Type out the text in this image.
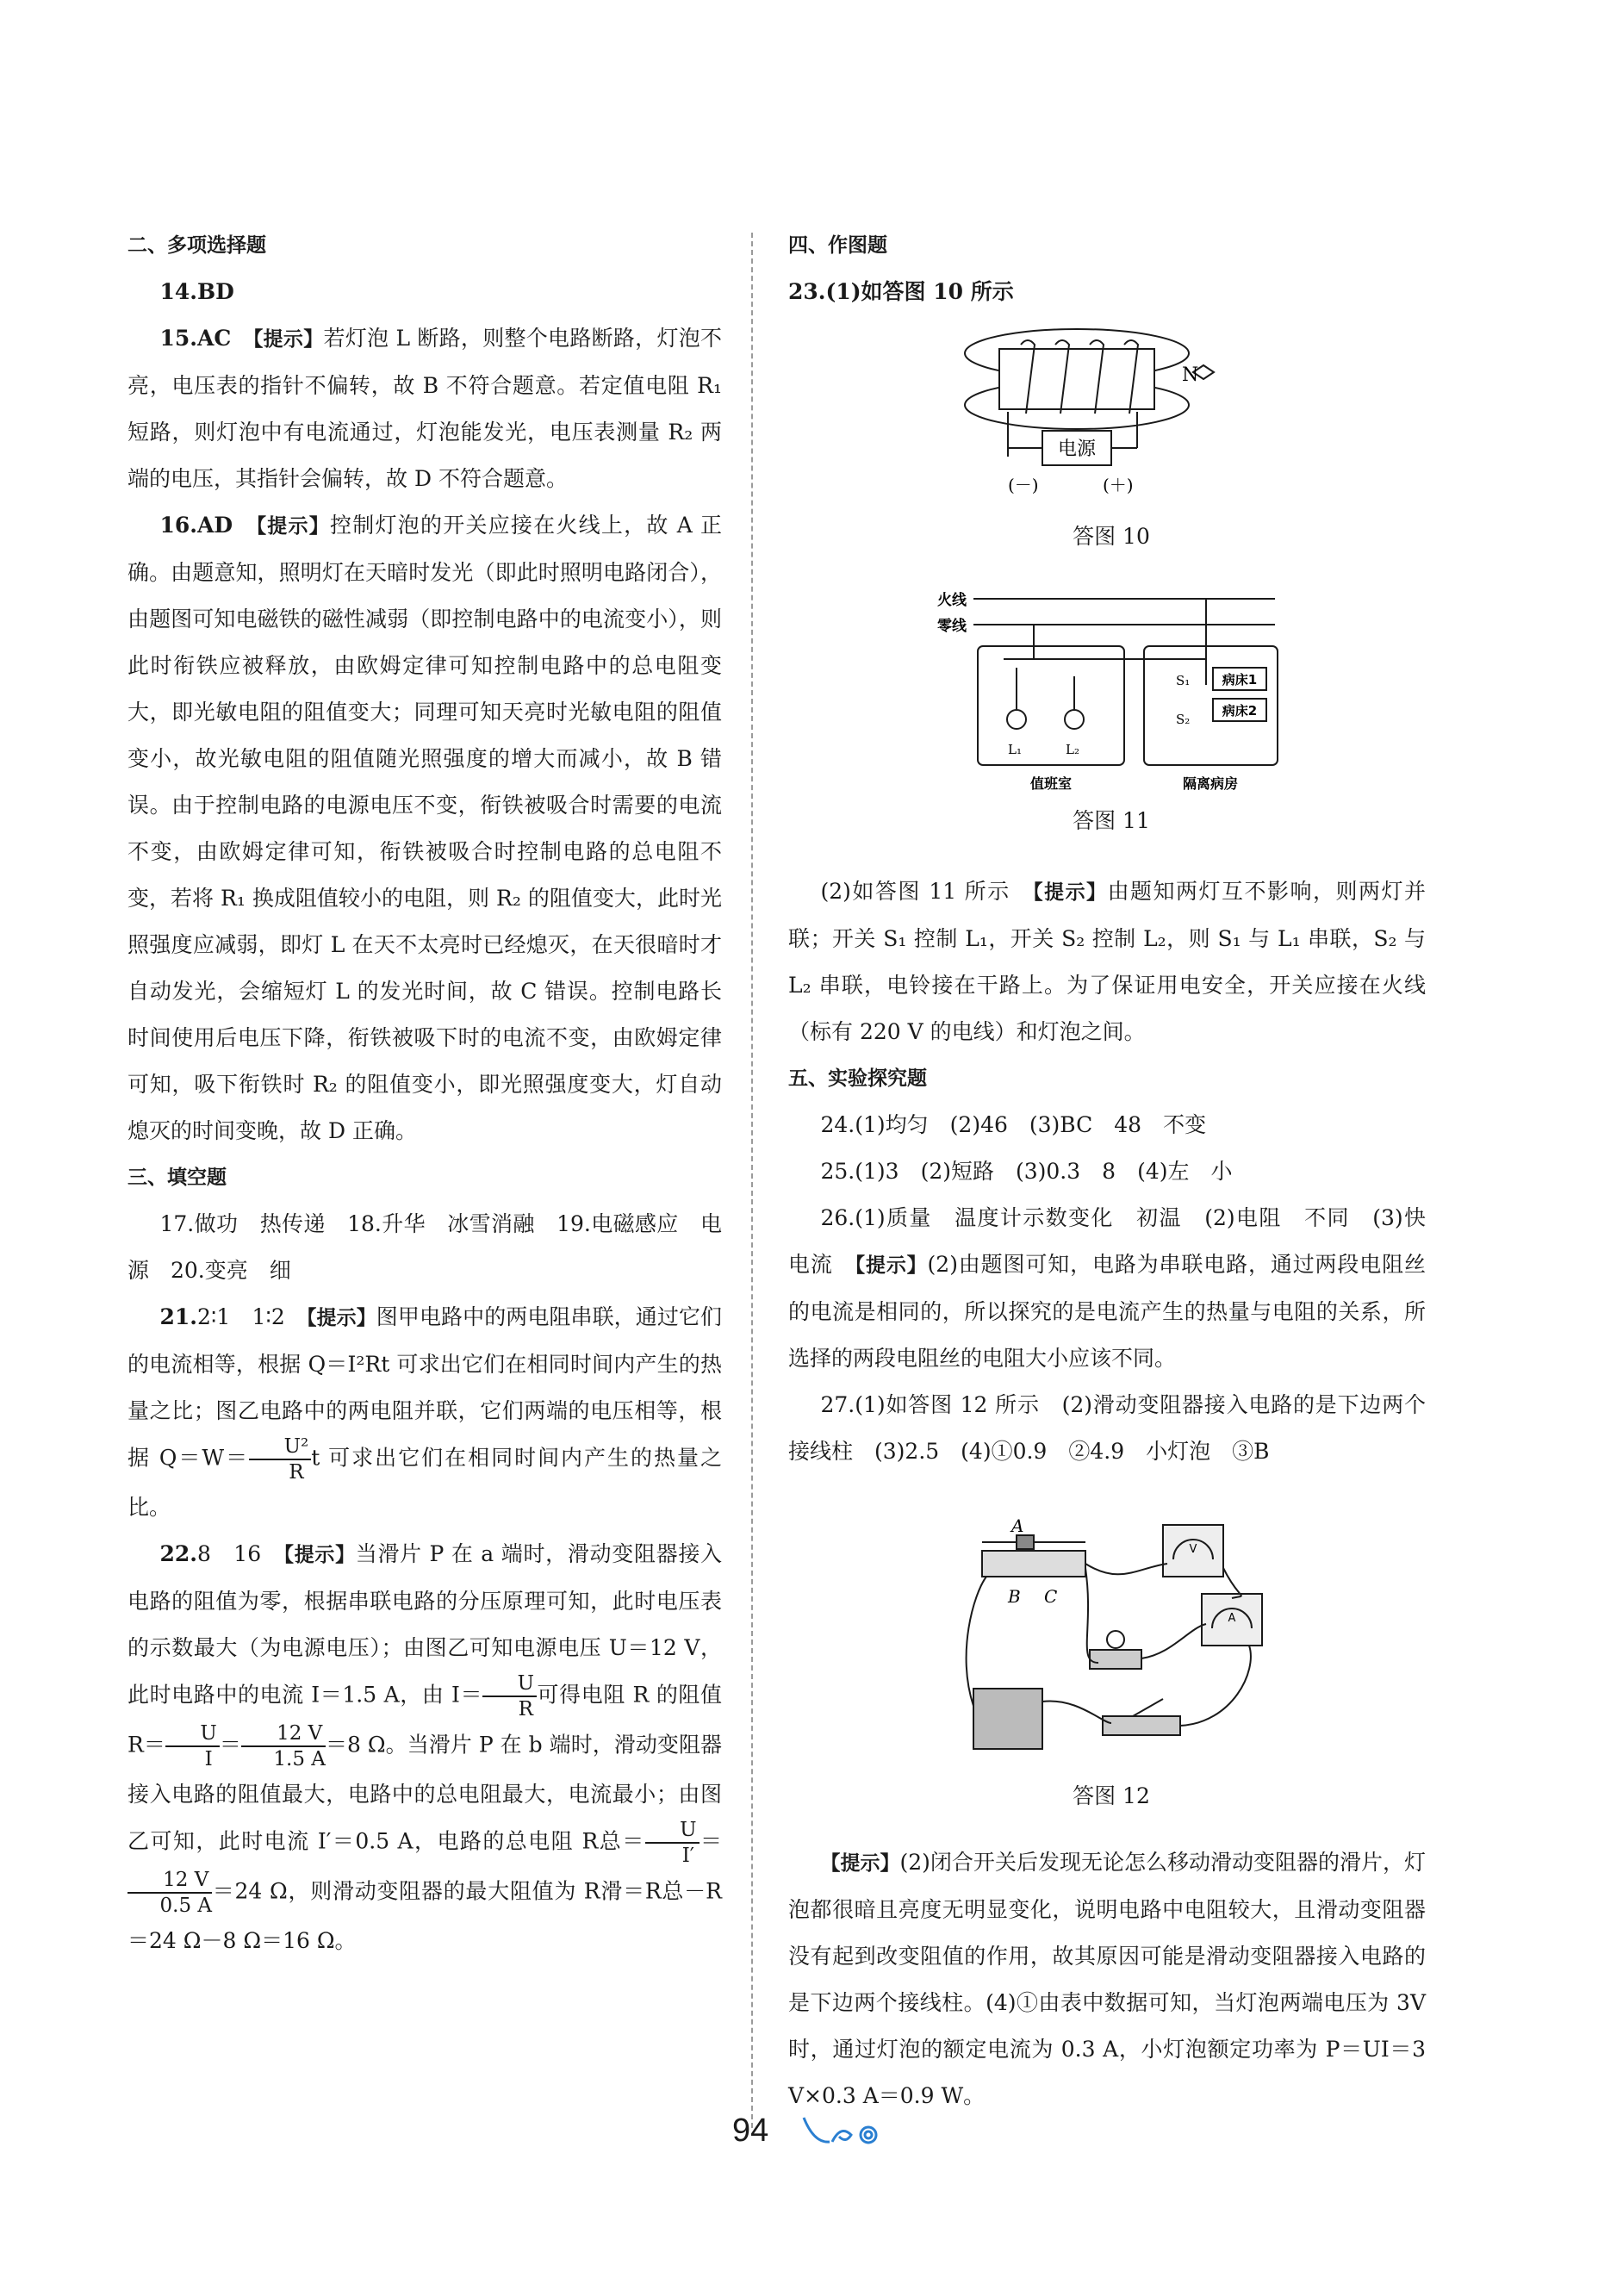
二、多项选择题

14.BD

15.AC　 【提示】若灯泡 L 断路，则整个电路断路，灯泡不亮，电压表的指针不偏转，故 B 不符合题意。若定值电阻 R₁ 短路，则灯泡中有电流通过，灯泡能发光，电压表测量 R₂ 两端的电压，其指针会偏转，故 D 不符合题意。

16.AD　 【提示】控制灯泡的开关应接在火线上，故 A 正确。由题意知，照明灯在天暗时发光（即此时照明电路闭合），由题图可知电磁铁的磁性减弱（即控制电路中的电流变小），则此时衔铁应被释放，由欧姆定律可知控制电路中的总电阻变大，即光敏电阻的阻值变大；同理可知天亮时光敏电阻的阻值变小，故光敏电阻的阻值随光照强度的增大而减小，故 B 错误。由于控制电路的电源电压不变，衔铁被吸合时需要的电流不变，由欧姆定律可知，衔铁被吸合时控制电路的总电阻不变，若将 R₁ 换成阻值较小的电阻，则 R₂ 的阻值变大，此时光照强度应减弱，即灯 L 在天不太亮时已经熄灭，在天很暗时才自动发光，会缩短灯 L 的发光时间，故 C 错误。控制电路长时间使用后电压下降，衔铁被吸下时的电流不变，由欧姆定律可知，吸下衔铁时 R₂ 的阻值变小，即光照强度变大，灯自动熄灭的时间变晚，故 D 正确。

三、填空题

17.做功　热传递　18.升华　冰雪消融　19.电磁感应　电源　20.变亮　细

21.2∶1　1∶2　 【提示】图甲电路中的两电阻串联，通过它们的电流相等，根据 Q＝I²Rt 可求出它们在相同时间内产生的热量之比；图乙电路中的两电阻并联，它们两端的电压相等，根据 $Q=W= \frac{\text{U²}}{R}$ t 可求出它们在相同时间内产生的热量之比。

22.8　16　 【提示】当滑片 P 在 a 端时，滑动变阻器接入电路的阻值为零，根据串联电路的分压原理可知，此时电压表的示数最大（为电源电压）；由图乙可知电源电压 U＝12 V，此时电路中的电流 I＝1.5 A，由 $I= \frac{U}{R}$ 可得电阻 R 的阻值 $R= \frac{U}{I} = \frac{12 V}{1.5 A} =8$ Ω。当滑片 P 在 b 端时，滑动变阻器接入电路的阻值最大，电路中的总电阻最大，电流最小；由图乙可知，此时电流 I′＝0.5 A，电路的总电阻 R总＝ $\frac{U}{I'}$ ＝
$\frac{12 V}{0.5 A} =24$ Ω，则滑动变阻器的最大阻值为 R滑＝R总－R＝24 Ω－8 Ω＝16 Ω。

四、作图题

23.(1)如答图 10 所示

N
电源
(－)	(＋)
答图 10
火线
零线
S₁
S₂
病床1
病床2
L₁	L₂
值班室	隔离病房
答图 11

(2)如答图 11 所示　【提示】由题知两灯互不影响，则两灯并联；开关 S₁ 控制 L₁，开关 S₂ 控制 L₂，则 S₁ 与 L₁ 串联，S₂ 与 L₂ 串联，电铃接在干路上。为了保证用电安全，开关应接在火线（标有 220 V 的电线）和灯泡之间。

五、实验探究题

24.(1)均匀　(2)46　(3)BC　48　不变

25.(1)3　(2)短路　(3)0.3　8　(4)左　小

26.(1)质量　温度计示数变化　初温　(2)电阻　不同　(3)快　电流　【提示】(2)由题图可知，电路为串联电路，通过两段电阻丝的电流是相同的，所以探究的是电流产生的热量与电阻的关系，所选择的两段电阻丝的电阻大小应该不同。

27.(1)如答图 12 所示　(2)滑动变阻器接入电路的是下边两个接线柱　(3)2.5　(4)①0.9　②4.9　小灯泡　③B

A
B C
V
A
答图 12

【提示】(2)闭合开关后发现无论怎么移动滑动变阻器的滑片，灯泡都很暗且亮度无明显变化，说明电路中电阻较大，且滑动变阻器没有起到改变阻值的作用，故其原因可能是滑动变阻器接入电路的是下边两个接线柱。(4)①由表中数据可知，当灯泡两端电压为 3V 时，通过灯泡的额定电流为 0.3 A，小灯泡额定功率为 P＝UI＝3 V×0.3 A＝0.9 W。

94
